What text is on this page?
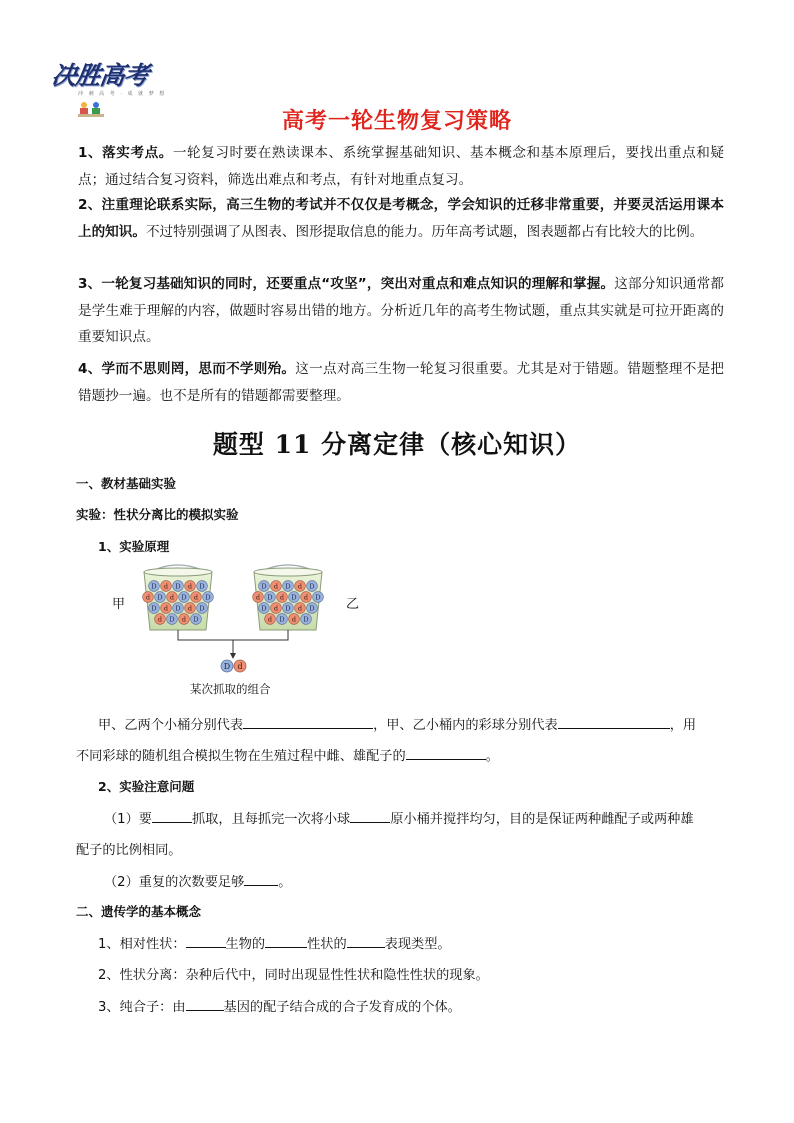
决胜高考
冲 刺 高 考 · 成 就 梦 想
高考一轮生物复习策略
1、落实考点。一轮复习时要在熟读课本、系统掌握基础知识、基本概念和基本原理后，要找出重点和疑点；通过结合复习资料，筛选出难点和考点，有针对地重点复习。
2、注重理论联系实际，高三生物的考试并不仅仅是考概念，学会知识的迁移非常重要，并要灵活运用课本上的知识。不过特别强调了从图表、图形提取信息的能力。历年高考试题，图表题都占有比较大的比例。
3、一轮复习基础知识的同时，还要重点“攻坚”，突出对重点和难点知识的理解和掌握。这部分知识通常都是学生难于理解的内容，做题时容易出错的地方。分析近几年的高考生物试题，重点其实就是可拉开距离的重要知识点。
4、学而不思则罔，思而不学则殆。这一点对高三生物一轮复习很重要。尤其是对于错题。错题整理不是把错题抄一遍。也不是所有的错题都需要整理。
题型 11 分离定律（核心知识）
一、教材基础实验
实验：性状分离比的模拟实验
1、实验原理
甲	乙
D d D d D
d D d D d D
D d D d D
d D d D
D d D d D
d D d D d D
D d D d D
d D d D
D d
某次抓取的组合
甲、乙两个小桶分别代表	，甲、乙小桶内的彩球分别代表	，用
不同彩球的随机组合模拟生物在生殖过程中雌、雄配子的	。
2、实验注意问题
（1）要	抓取，且每抓完一次将小球	原小桶并搅拌均匀，目的是保证两种雌配子或两种雄
配子的比例相同。
（2）重复的次数要足够	。
二、遗传学的基本概念
1、相对性状：	生物的	性状的	表现类型。
2、性状分离：杂种后代中，同时出现显性性状和隐性性状的现象。
3、纯合子：由	基因的配子结合成的合子发育成的个体。
